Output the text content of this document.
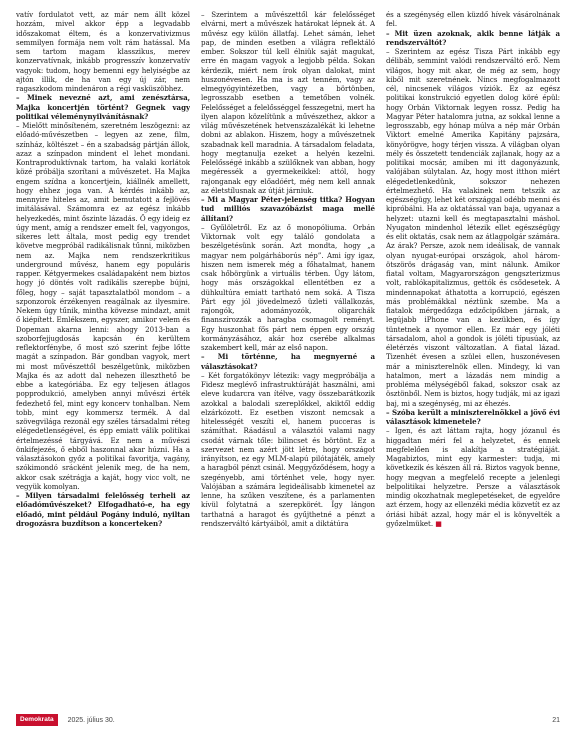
vatív fordulatot vett, az már nem állt közel hozzám, mivel akkor épp a legvadabb időszakomat éltem, és a konzervativizmus semmilyen formája nem volt rám hatással. Ma sem tartom magam klasszikus, merev konzervatívnak, inkább progresszív konzervatív vagyok: tudom, hogy bemenni egy helyiségbe az ajtón illik, de ha van egy új zár, nem ragaszkodom mindenáron a régi vasküszöbhez.

– Minek nevezné azt, ami zenésztársa, Majka koncertjén történt? Gegnek vagy politikai véleménynyilvánításnak?

– Mielőtt minősíteném, szeretném leszögezni: az előadó-művészetben – legyen az zene, film, színház, költészet – én a szabadság pártján állok, azaz a színpadon mindent el lehet mondani. Kontraproduktívnak tartom, ha valaki korlátok közé próbálja szorítani a művészetet. Ha Majka engem szídna a koncertjein, kiállnék amellett, hogy ehhez joga van. A kérdés inkább az, mennyire hiteles az, amit bemutatott a fejlövés imitálásával. Számomra ez az egész inkább helyezkedés, mint őszinte lázadás. Ő egy ideig ez úgy ment, amíg a rendszer emelt fel, vagyongos, sikeres lett általa, most pedig egy trendet követve megpróbál radikálisnak tűnni, miközben nem az. Majka nem rendszerkritikus underground művész, hanem egy populáris rapper. Kétgyermekes családapaként nem biztos hogy jó döntés volt radikális szerepbe bújni, főleg, hogy – saját tapasztalatból mondom – a szponzorok érzékenyen reagálnak az ilyesmire. Nekem úgy tűnik, mintha kövezse mindazt, amit ő kiépített. Emlékszem, egyszer, amikor velem és Dopeman akarna lenni: ahogy 2013-ban a szoborfejjugdosás kapcsán én kerültem reflektorfénybe, ő most szó szerint fejbe lőtte magát a színpadon. Bár gondban vagyok, mert mi most művészettől beszélgetünk, miközben Majka és az adott dal nehezen illeszthető be ebbe a kategóriába. Ez egy teljesen átlagos popprodukció, amelyben annyi művészi érték fedezhető fel, mint egy koncerv tonhalban. Nem tobb, mint egy kommersz termék. A dal szövegvilága rezonál egy széles társadalmi réteg elégedetlenségével, és épp emiatt válik politikai értelmezéssé tárgyává. Ez nem a művészi önkifejezés, ő ebből haszonnal akar húzni. Ha a választásokon győz a politikai favoritja, vagány, szókimondó srácként jelenik meg, de ha nem, akkor csak szétrágja a kaját, hogy vicc volt, ne vegyük komolyan.

– Milyen társadalmi felelősség terheli az előadóművészeket? Elfogadható-e, ha egy előadó, mint például Pogány induló, nyiltan drogozásra buzdítson a koncerteken?

– Szerintem a művészettől kár felelősséget elvárni, mert a művészek határokat lépnek át. A művész egy külön állatfaj. Lehet sámán, lehet pap, de minden esetben a világra reflektáló ember. Sokszor túl kell élniük saját magukat, erre én magam vagyok a legjobb példa. Sokan kérdezik, miért nem írok olyan dalokat, mint huszonévesen. Ha ma is azt tenném, vagy az elmegyógyintézetben, vagy a börtönben, legrosszabb esetben a temetőben volnék. Felelősséget a felelősséggel fesszegetni, mert ha ilyen alapon közelítünk a művészethez, akkor a világ művészetének hetvenszázalékát ki lehetne dobni az ablakon. Hiszem, hogy a művészetnek szabadnak kell maradnia. A társadalom feladata, hogy megtanulja ezeket a helyén kezelni. Felelősségé inkább a szülőknek van abban, hogy megéressék a gyermekeikkel: attól, hogy rajonganak egy előadóért, még nem kell annak az életstílusnak az útját járniuk.

– Mi a Magyar Péter-jelenség titka? Hogyan tud milliós szavazóbázist maga mellé állítani?

– Gyűlöletről. Ez az ő monopóliuma. Orbán Viktornak volt egy találó gondolata a beszélgetésünk során. Azt mondta, hogy „a magyar nem polgárháborús nép”. Ami így igaz, hiszen nem ismerek még a főhatalmat, hanem csak hőbörgünk a virtuális térben. Úgy látom, hogy más országokkal ellentétben ez a dühkultúra emiatt tartható nem soká. A Tisza Párt egy jól jövedelmező üzleti vállalkozás, rajongók, adományozók, oligarchák finanszírozzák a haragba csomagolt reményt. Egy huszonhat fős párt nem éppen egy ország kormányzásához, akár hoz cserébe alkalmas szakembert kell, már az első napon.

– Mi történne, ha megnyerné a választásokat?

– Két forgatókönyv létezik: vagy megpróbálja a Fidesz meglévő infrastruktúráját használni, ami eleve kudarcra van ítélve, vagy összebarátkozik azokkal a balodali szereplőkkel, akiktől eddig elzárkózott. Ez esetben viszont nemcsak a hitelességét veszíti el, hanem pucceras is számíthat. Ráadásul a választói valami nagy csodát várnak tőle: bilincset és börtönt. Ez a szervezet nem azért jött létre, hogy országot irányítson, ez egy MLM-alapú pilótajáték, amely a haragból pénzt csinál. Meggyőződésem, hogy a szegényebb, ami történhet vele, hogy nyer. Valójában a számára legideálisabb kimenetel az lenne, ha szűken veszítene, és a parlamenten kívül folytatná a szerepkörét. Így lángon tarthatná a haragot és gyűjthetné a pénzt a rendszerváltó kártyáiból, amit a diktátúra

és a szegénység ellen küzdő hívek vásárolnának fel.

– Mit üzen azoknak, akik benne látják a rendszerváltót?

– Szerintem az egész Tisza Párt inkább egy délibáb, semmint valódi rendszerváltó erő. Nem világos, hogy mit akar, de még az sem, hogy kiből mit szeretnének. Nincs megfogalmazott cél, nincsenek világos víziók. Ez az egész politikai konstrukció egyetlen dolog köré épül: hogy Orbán Viktornak legyen rossz. Pedig ha Magyar Péter hatalomra jutna, az sokkal lenne a legrosszabb, egy hónap múlva a nép már Orbán Viktort emelné Amerika Kapitány pajzsára, könyörögve, hogy térjen vissza. A világban olyan mély és összetett tendenciák zajlanak, hogy az a politikai mocsár, amiben mi itt dagonyázunk, valójában súlytalan. Az, hogy most itthon miért elégedetlenkedünk, sokszor nehezen értelmezhető. Ha valakinek nem tetszik az egészségügy, lehet két országgal odébb menni és kipróbálni. Ha az oktatással van baja, ugyanaz a helyzet: utazni kell és megtapasztalni máshol. Nyugaton mindenhol létezik ellet egészségügy és elit oktatás, csak nem az átlagpolgár számára. Az árak? Persze, azok nem ideálisak, de vannak olyan nyugat-európai országok, ahol három-ötszörös drágaság van, mint nálunk. Amikor fiatal voltam, Magyarországon gengszterizmus volt, rablókapitalizmus, gettók és csődesetek. A mindennapokat áthatotta a korrupció, egészen más problémákkal néztünk szembe. Ma a fiatalok mérgedőzga edzőcipőkben járnak, a legújabb iPhone van a kezükben, és így tüntetnek a nyomor ellen. Ez már egy jóléti társadalom, ahol a gondok is jóléti típusúak, az életérzés viszont változatlan. A fiatal lázad. Tizenhét évesen a szülei ellen, huszonévesen már a miniszterelnök ellen. Mindegy, ki van hatalmon, mert a lázadás nem mindig a probléma mélységéből fakad, sokszor csak az ösztönből. Nem is biztos, hogy tudják, mi az igazi baj, mi a szegénység, mi az éhezés.

– Szóba került a miniszterelnökkel a jövő évi választások kimenetele?

– Igen, és azt láttam rajta, hogy józanul és higgadtan méri fel a helyzetet, és ennek megfelelően is alakítja a stratégiáját. Magabiztos, mint egy karmester: tudja, mi következik és készen áll rá. Biztos vagyok benne, hogy megvan a megfelelő recepte a jelenlegi belpolitikai helyzetre. Persze a választások mindig okozhatnak meglepetéseket, de egyelőre azt érzem, hogy az ellenzéki média közvetít ez az óriási hibát azzal, hogy már el is könyvelték a győzelmüket. ■

Demokrata	2025. július 30.	21
